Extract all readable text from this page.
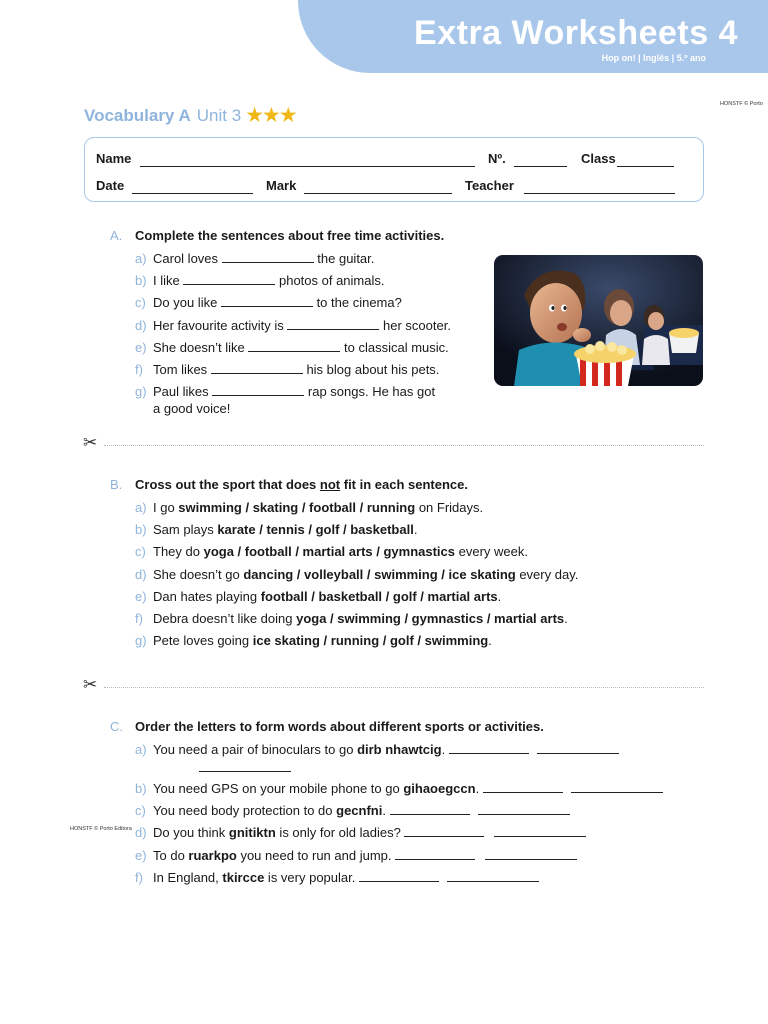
Extra Worksheets 4
Hop on! | Inglês | 5.º ano
HONSTF © Porto
HONSTF © Porto Editora
Vocabulary A Unit 3 ★★★
Name	Nº.	Class
Date	Mark	Teacher
A. Complete the sentences about free time activities.
a) Carol loves	the guitar.
b) I like	photos of animals.
c) Do you like	to the cinema?
d) Her favourite activity is	her scooter.
e) She doesn’t like	to classical music.
f) Tom likes	his blog about his pets.
g) Paul likes	rap songs. He has got
a good voice!
✂
B. Cross out the sport that does not fit in each sentence.
a) I go swimming / skating / football / running on Fridays.
b) Sam plays karate / tennis / golf / basketball.
c) They do yoga / football / martial arts / gymnastics every week.
d) She doesn’t go dancing / volleyball / swimming / ice skating every day.
e) Dan hates playing football / basketball / golf / martial arts.
f) Debra doesn’t like doing yoga / swimming / gymnastics / martial arts.
g) Pete loves going ice skating / running / golf / swimming.
✂
C. Order the letters to form words about different sports or activities.
a) You need a pair of binoculars to go dirb nhawtcig.
b) You need GPS on your mobile phone to go gihaoegccn.
c) You need body protection to do gecnfni.
d) Do you think gnitiktn is only for old ladies?
e) To do ruarkpo you need to run and jump.
f) In England, tkircce is very popular.
